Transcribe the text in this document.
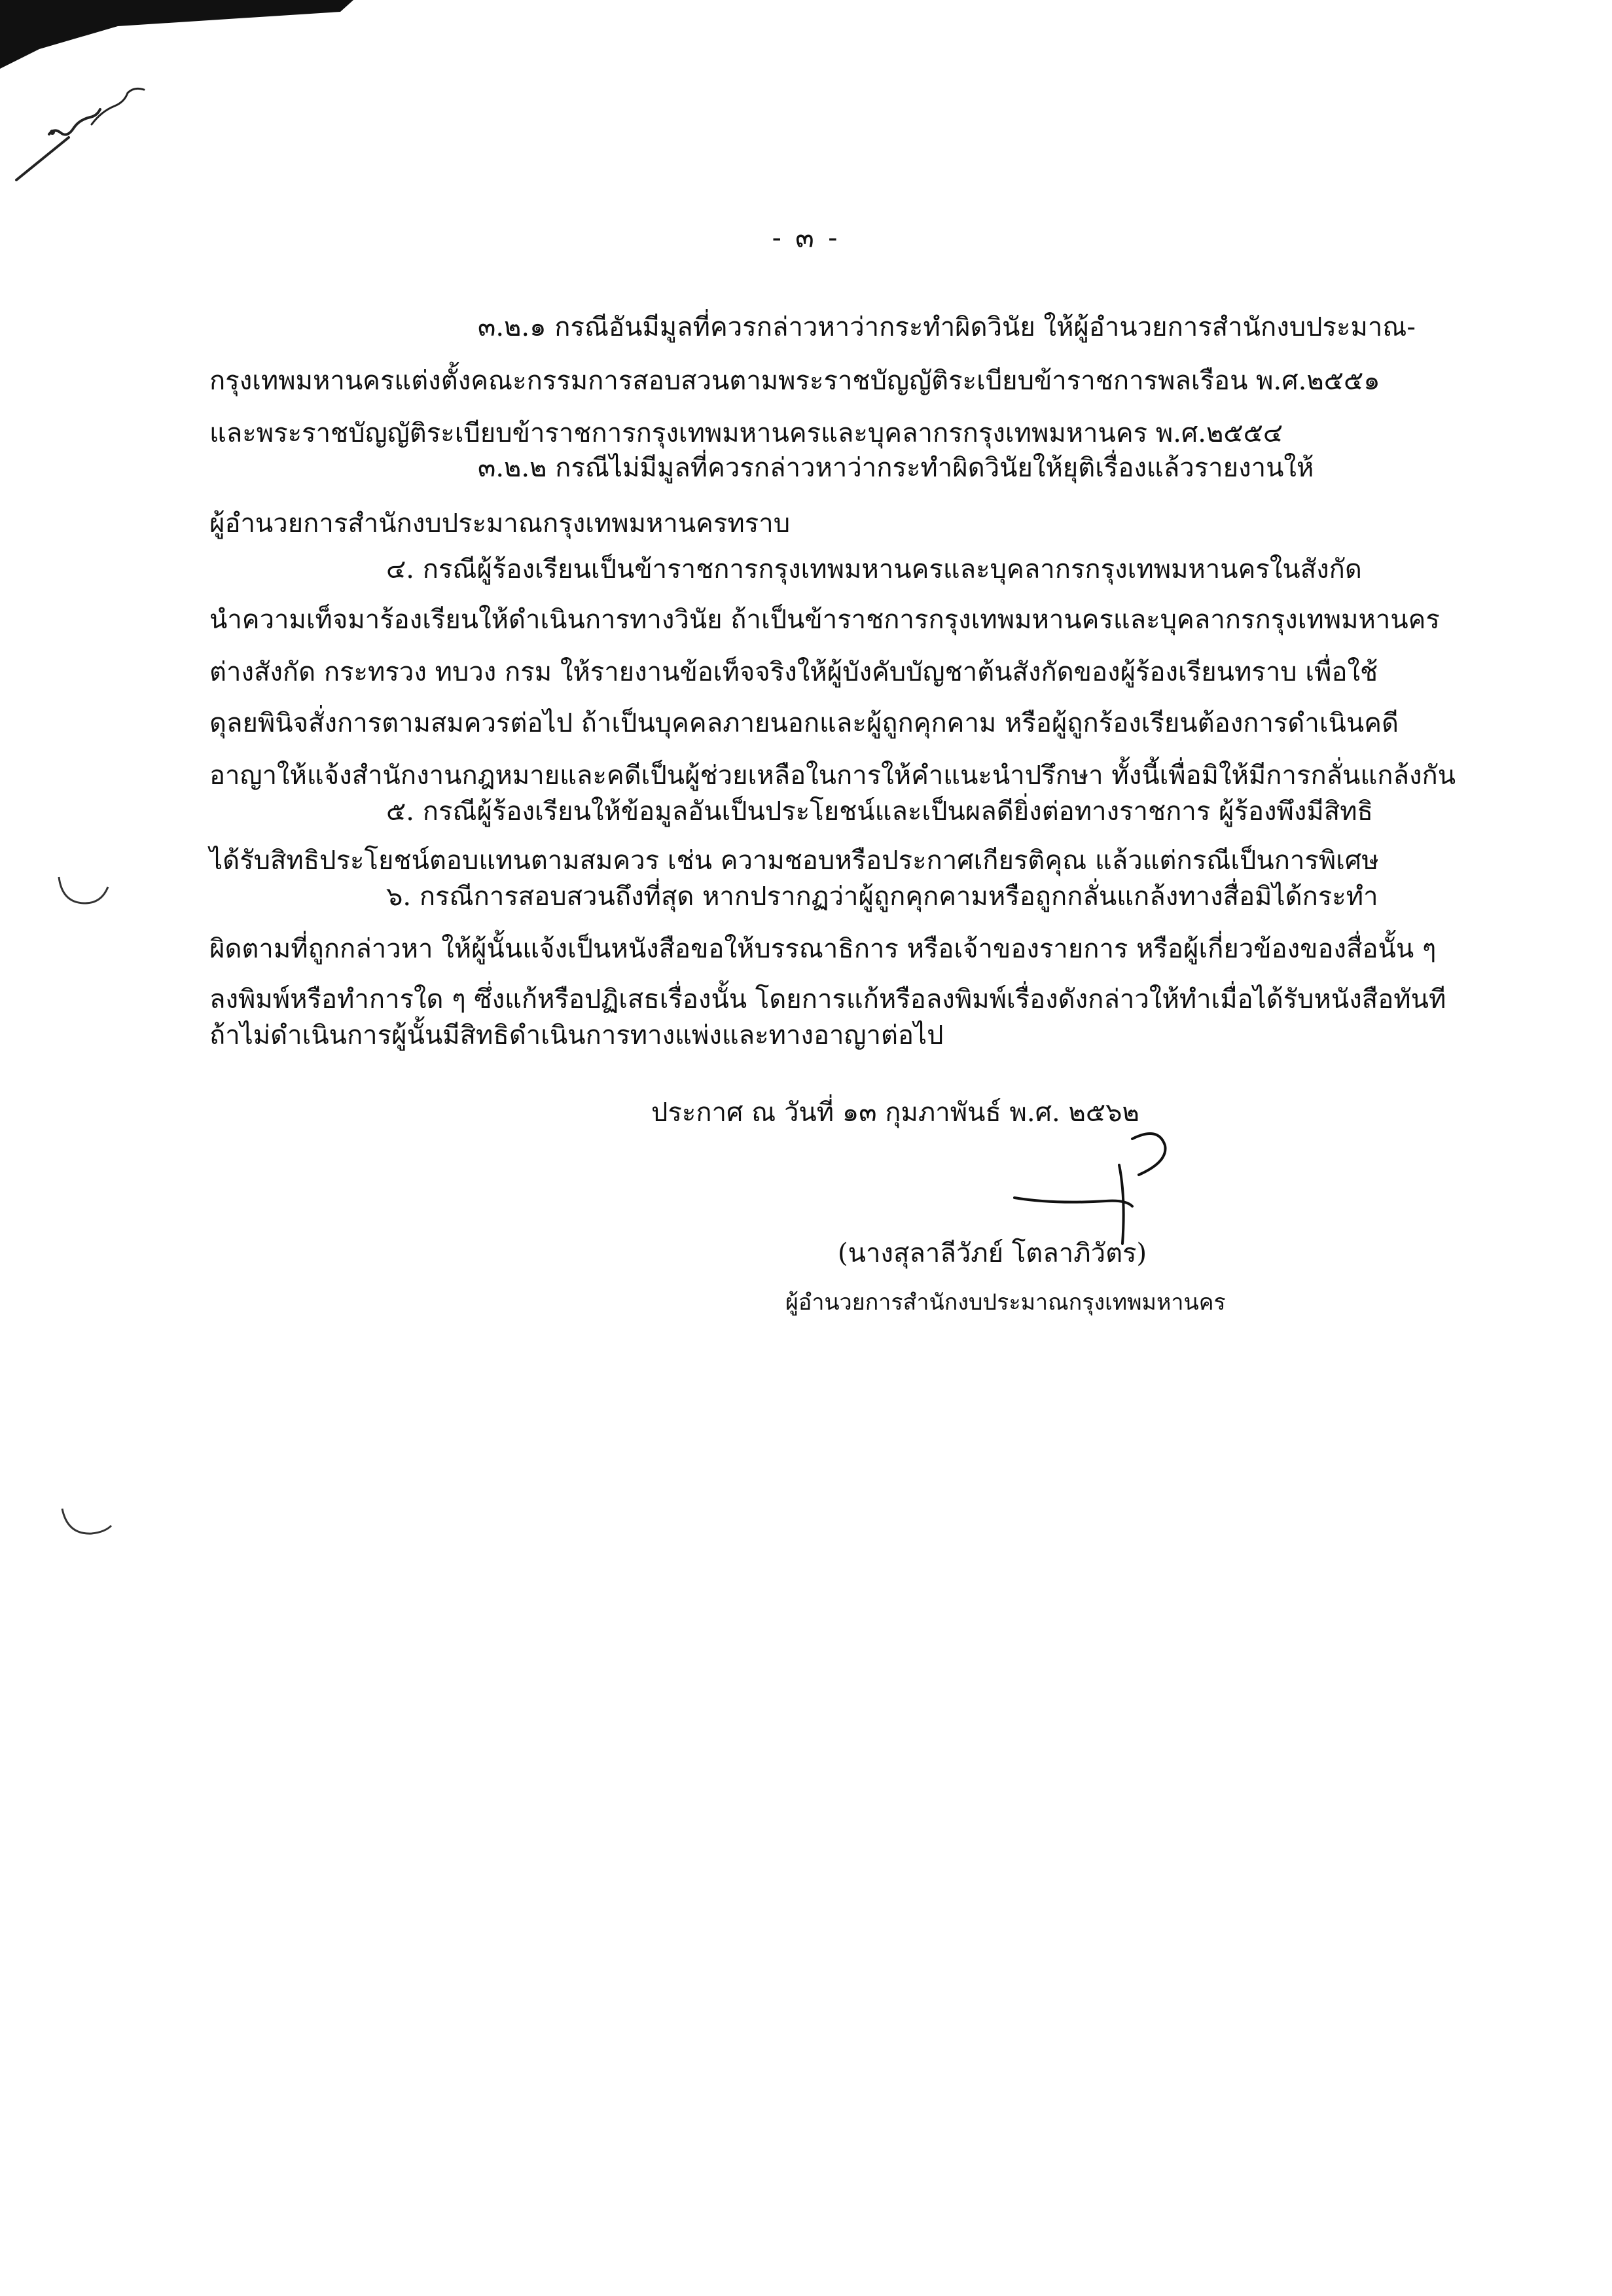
- ๓ -
๓.๒.๑ กรณีอันมีมูลที่ควรกล่าวหาว่ากระทำผิดวินัย ให้ผู้อำนวยการสำนักงบประมาณ-
กรุงเทพมหานครแต่งตั้งคณะกรรมการสอบสวนตามพระราชบัญญัติระเบียบข้าราชการพลเรือน พ.ศ.๒๕๕๑
และพระราชบัญญัติระเบียบข้าราชการกรุงเทพมหานครและบุคลากรกรุงเทพมหานคร พ.ศ.๒๕๕๔
๓.๒.๒ กรณีไม่มีมูลที่ควรกล่าวหาว่ากระทำผิดวินัยให้ยุติเรื่องแล้วรายงานให้
ผู้อำนวยการสำนักงบประมาณกรุงเทพมหานครทราบ
๔. กรณีผู้ร้องเรียนเป็นข้าราชการกรุงเทพมหานครและบุคลากรกรุงเทพมหานครในสังกัด
นำความเท็จมาร้องเรียนให้ดำเนินการทางวินัย ถ้าเป็นข้าราชการกรุงเทพมหานครและบุคลากรกรุงเทพมหานคร
ต่างสังกัด กระทรวง ทบวง กรม ให้รายงานข้อเท็จจริงให้ผู้บังคับบัญชาต้นสังกัดของผู้ร้องเรียนทราบ เพื่อใช้
ดุลยพินิจสั่งการตามสมควรต่อไป ถ้าเป็นบุคคลภายนอกและผู้ถูกคุกคาม หรือผู้ถูกร้องเรียนต้องการดำเนินคดี
อาญาให้แจ้งสำนักงานกฎหมายและคดีเป็นผู้ช่วยเหลือในการให้คำแนะนำปรึกษา ทั้งนี้เพื่อมิให้มีการกลั่นแกล้งกัน
๕. กรณีผู้ร้องเรียนให้ข้อมูลอันเป็นประโยชน์และเป็นผลดียิ่งต่อทางราชการ ผู้ร้องพึงมีสิทธิ
ได้รับสิทธิประโยชน์ตอบแทนตามสมควร เช่น ความชอบหรือประกาศเกียรติคุณ แล้วแต่กรณีเป็นการพิเศษ
๖. กรณีการสอบสวนถึงที่สุด หากปรากฏว่าผู้ถูกคุกคามหรือถูกกลั่นแกล้งทางสื่อมิได้กระทำ
ผิดตามที่ถูกกล่าวหา ให้ผู้นั้นแจ้งเป็นหนังสือขอให้บรรณาธิการ หรือเจ้าของรายการ หรือผู้เกี่ยวข้องของสื่อนั้น ๆ
ลงพิมพ์หรือทำการใด ๆ ซึ่งแก้หรือปฏิเสธเรื่องนั้น โดยการแก้หรือลงพิมพ์เรื่องดังกล่าวให้ทำเมื่อได้รับหนังสือทันที
ถ้าไม่ดำเนินการผู้นั้นมีสิทธิดำเนินการทางแพ่งและทางอาญาต่อไป
ประกาศ ณ วันที่ ๑๓ กุมภาพันธ์ พ.ศ. ๒๕๖๒
(นางสุลาลีวัภย์ โตลาภิวัตร)
ผู้อำนวยการสำนักงบประมาณกรุงเทพมหานคร
